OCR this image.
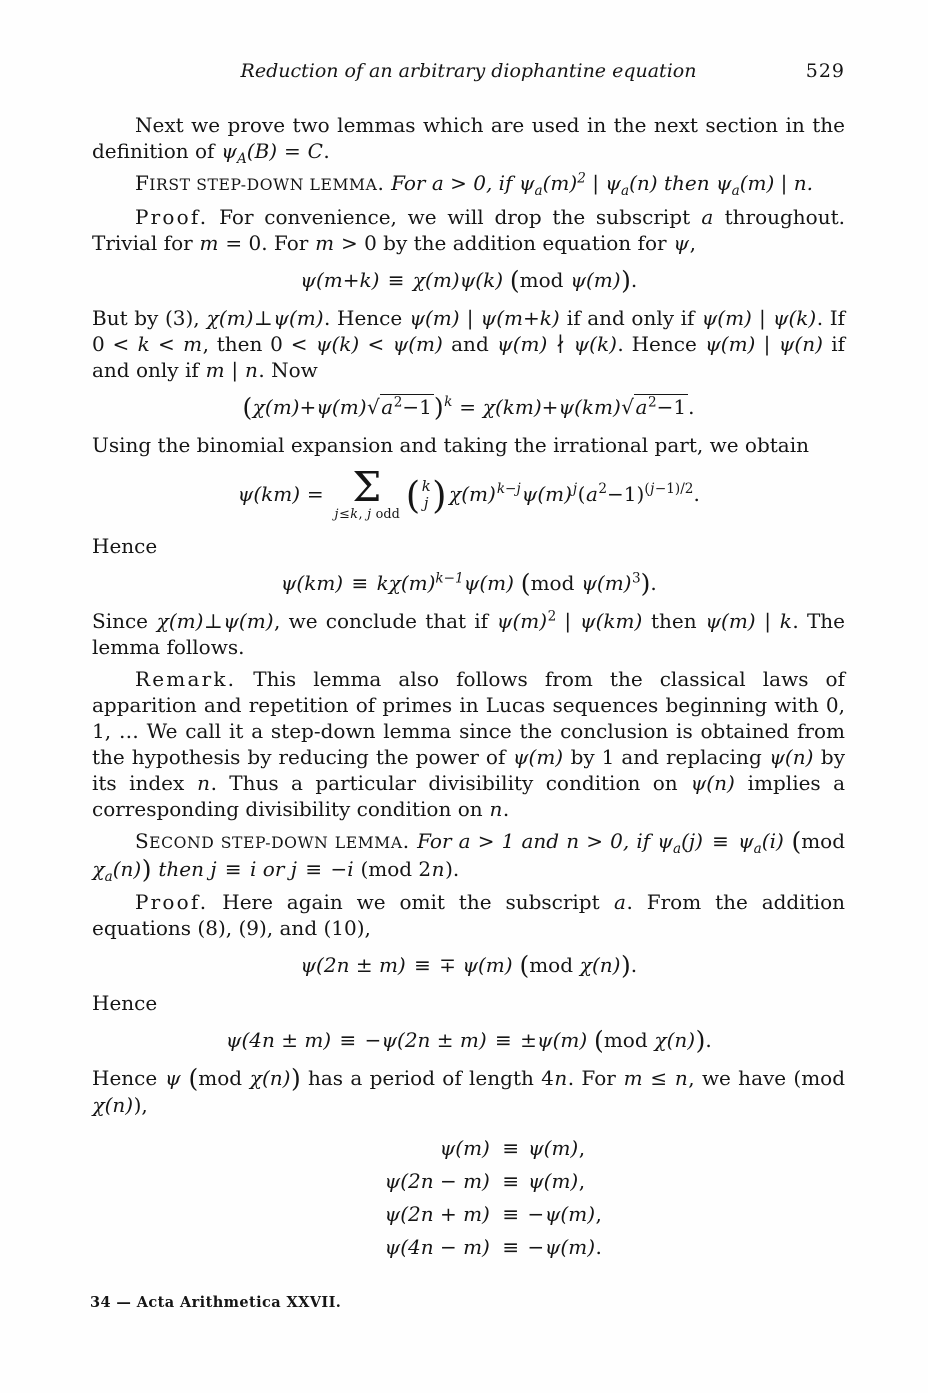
Reduction of an arbitrary diophantine equation	529

Next we prove two lemmas which are used in the next section in the definition of $\psi_A(B) = C$.

FIRST STEP-DOWN LEMMA. For a > 0, if $\psi_a(m)^2$ | $\psi_a(n)$ then $\psi_a(m)$ | n.

Proof. For convenience, we will drop the subscript a throughout. Trivial for m = 0. For m > 0 by the addition equation for ψ,

ψ(m+k) ≡ χ(m)ψ(k) (mod ψ(m)).

But by (3), χ(m)⊥ψ(m). Hence ψ(m) | ψ(m+k) if and only if ψ(m) | ψ(k). If 0 < k < m, then 0 < ψ(k) < ψ(m) and ψ(m) ∤ ψ(k). Hence ψ(m) | ψ(n) if and only if m | n. Now

$(\chi(m)+\psi(m)√a^2-1)^k = \chi(km)+\psi(km)√a^2-1$ .

Using the binomial expansion and taking the irrational part, we obtain

ψ(km) = Σ
j≤k, j odd ( k
j ) $\chi(m)^{k-j}\psi(m)^j(a^2-1)^{(j-1)/2}$.

Hence

$\psi(km) \equiv k\chi(m)^{k-1}\psi(m)$ (mod $\psi(m)^3$).

Since χ(m)⊥ψ(m), we conclude that if $\psi(m)^2$ | ψ(km) then ψ(m) | k. The lemma follows.

Remark. This lemma also follows from the classical laws of apparition and repetition of primes in Lucas sequences beginning with 0, 1, … We call it a step-down lemma since the conclusion is obtained from the hypothesis by reducing the power of ψ(m) by 1 and replacing ψ(n) by its index n. Thus a particular divisibility condition on ψ(n) implies a corresponding divisibility condition on n.

SECOND STEP-DOWN LEMMA. For a > 1 and n > 0, if $\psi_a(j) \equiv \psi_a(i)$ (mod $\chi_a(n)$) then j ≡ i or j ≡ −i (mod 2n).

Proof. Here again we omit the subscript a. From the addition equations (8), (9), and (10),

ψ(2n ± m) ≡ ∓ ψ(m) (mod χ(n)).

Hence

ψ(4n ± m) ≡ −ψ(2n ± m) ≡ ±ψ(m) (mod χ(n)).

Hence ψ (mod χ(n)) has a period of length 4n. For m ≤ n, we have (mod χ(n)),

ψ(m) ≡ ψ(m),
ψ(2n − m) ≡ ψ(m),
ψ(2n + m) ≡ −ψ(m),
ψ(4n − m) ≡ −ψ(m).
34 — Acta Arithmetica XXVII.
